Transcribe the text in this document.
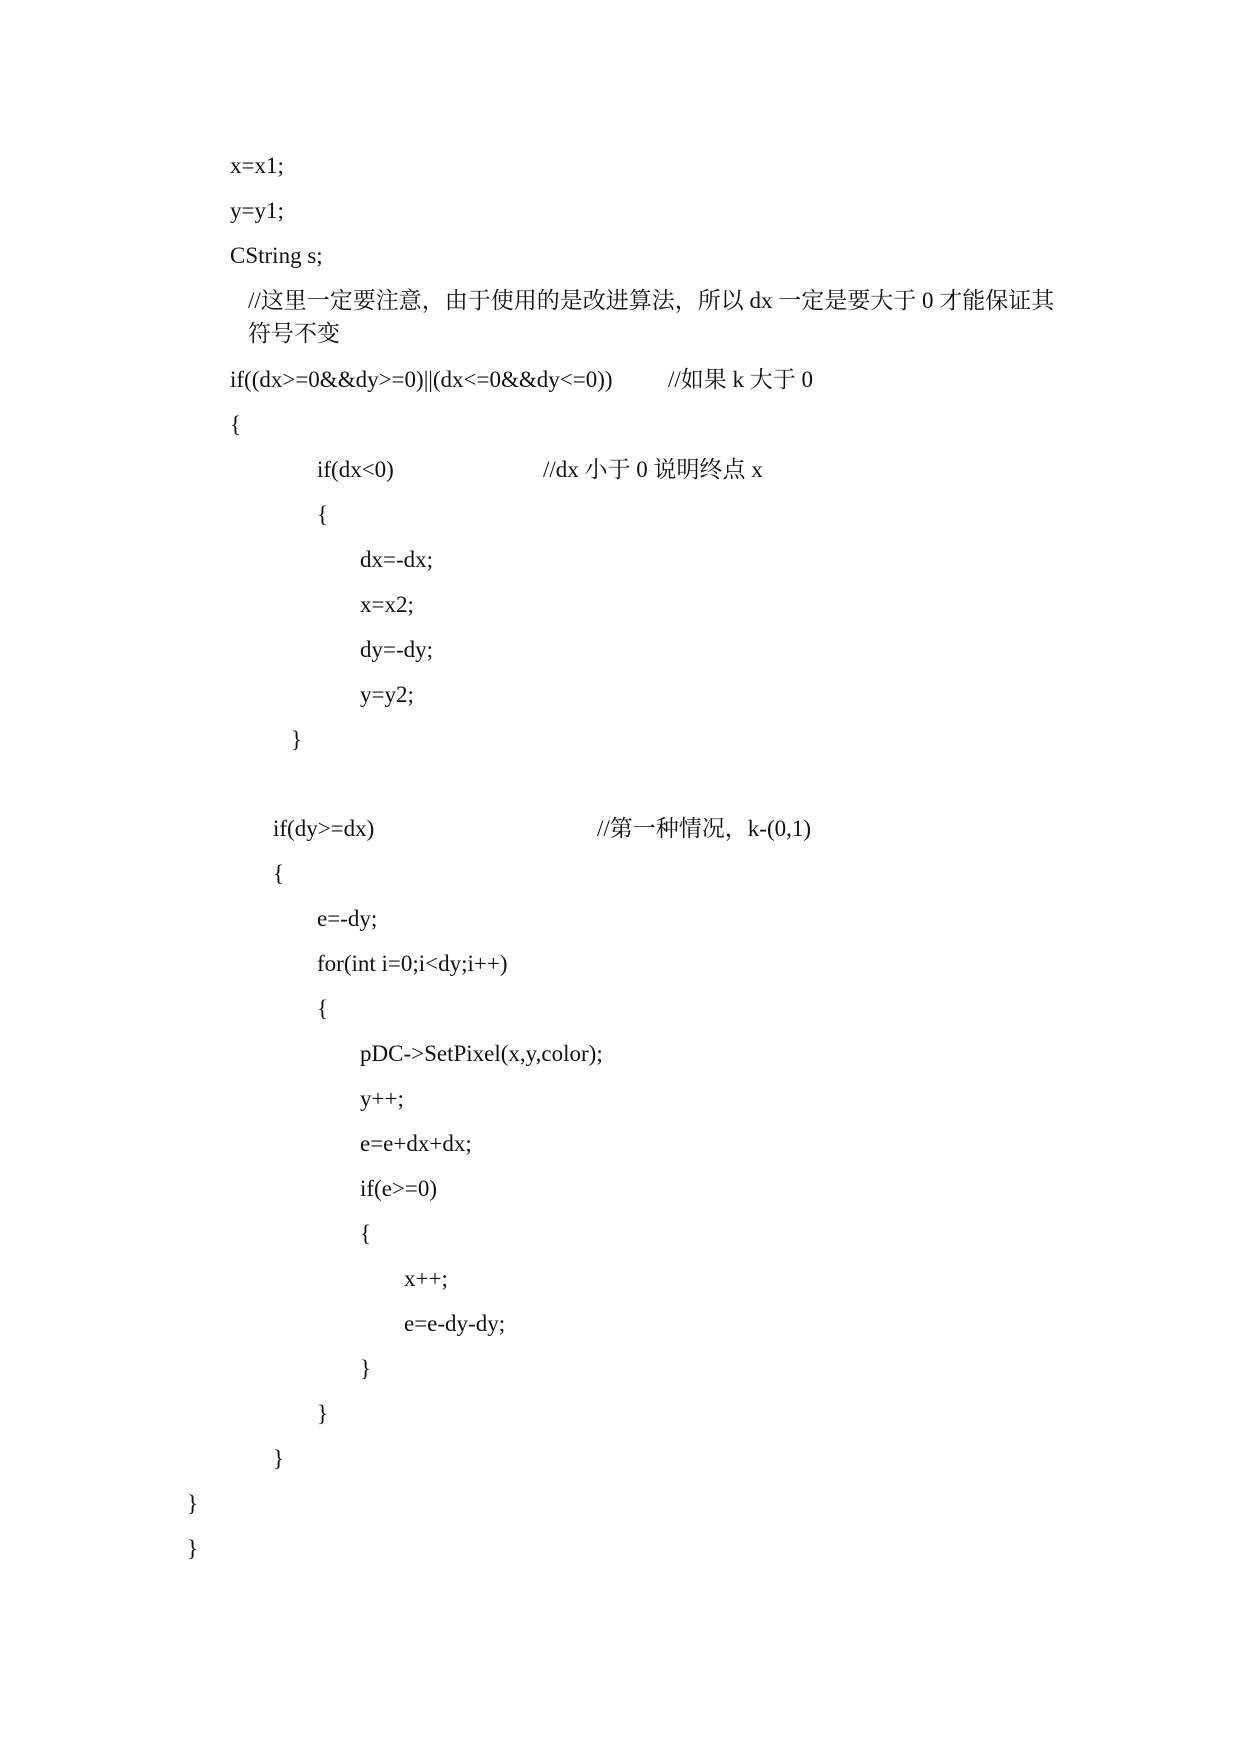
x=x1;
y=y1;
CString s;
//这里一定要注意，由于使用的是改进算法，所以 dx 一定是要大于 0 才能保证其符号不变
if((dx>=0&&dy>=0)||(dx<=0&&dy<=0)) //如果 k 大于 0
{
if(dx<0)	//dx 小于 0 说明终点 x
{
dx=-dx;
x=x2;
dy=-dy;
y=y2;
}
if(dy>=dx)	//第一种情况，k-(0,1)
{
e=-dy;
for(int i=0;i<dy;i++)
{
pDC->SetPixel(x,y,color);
y++;
e=e+dx+dx;
if(e>=0)
{
x++;
e=e-dy-dy;
}
}
}
}
}
